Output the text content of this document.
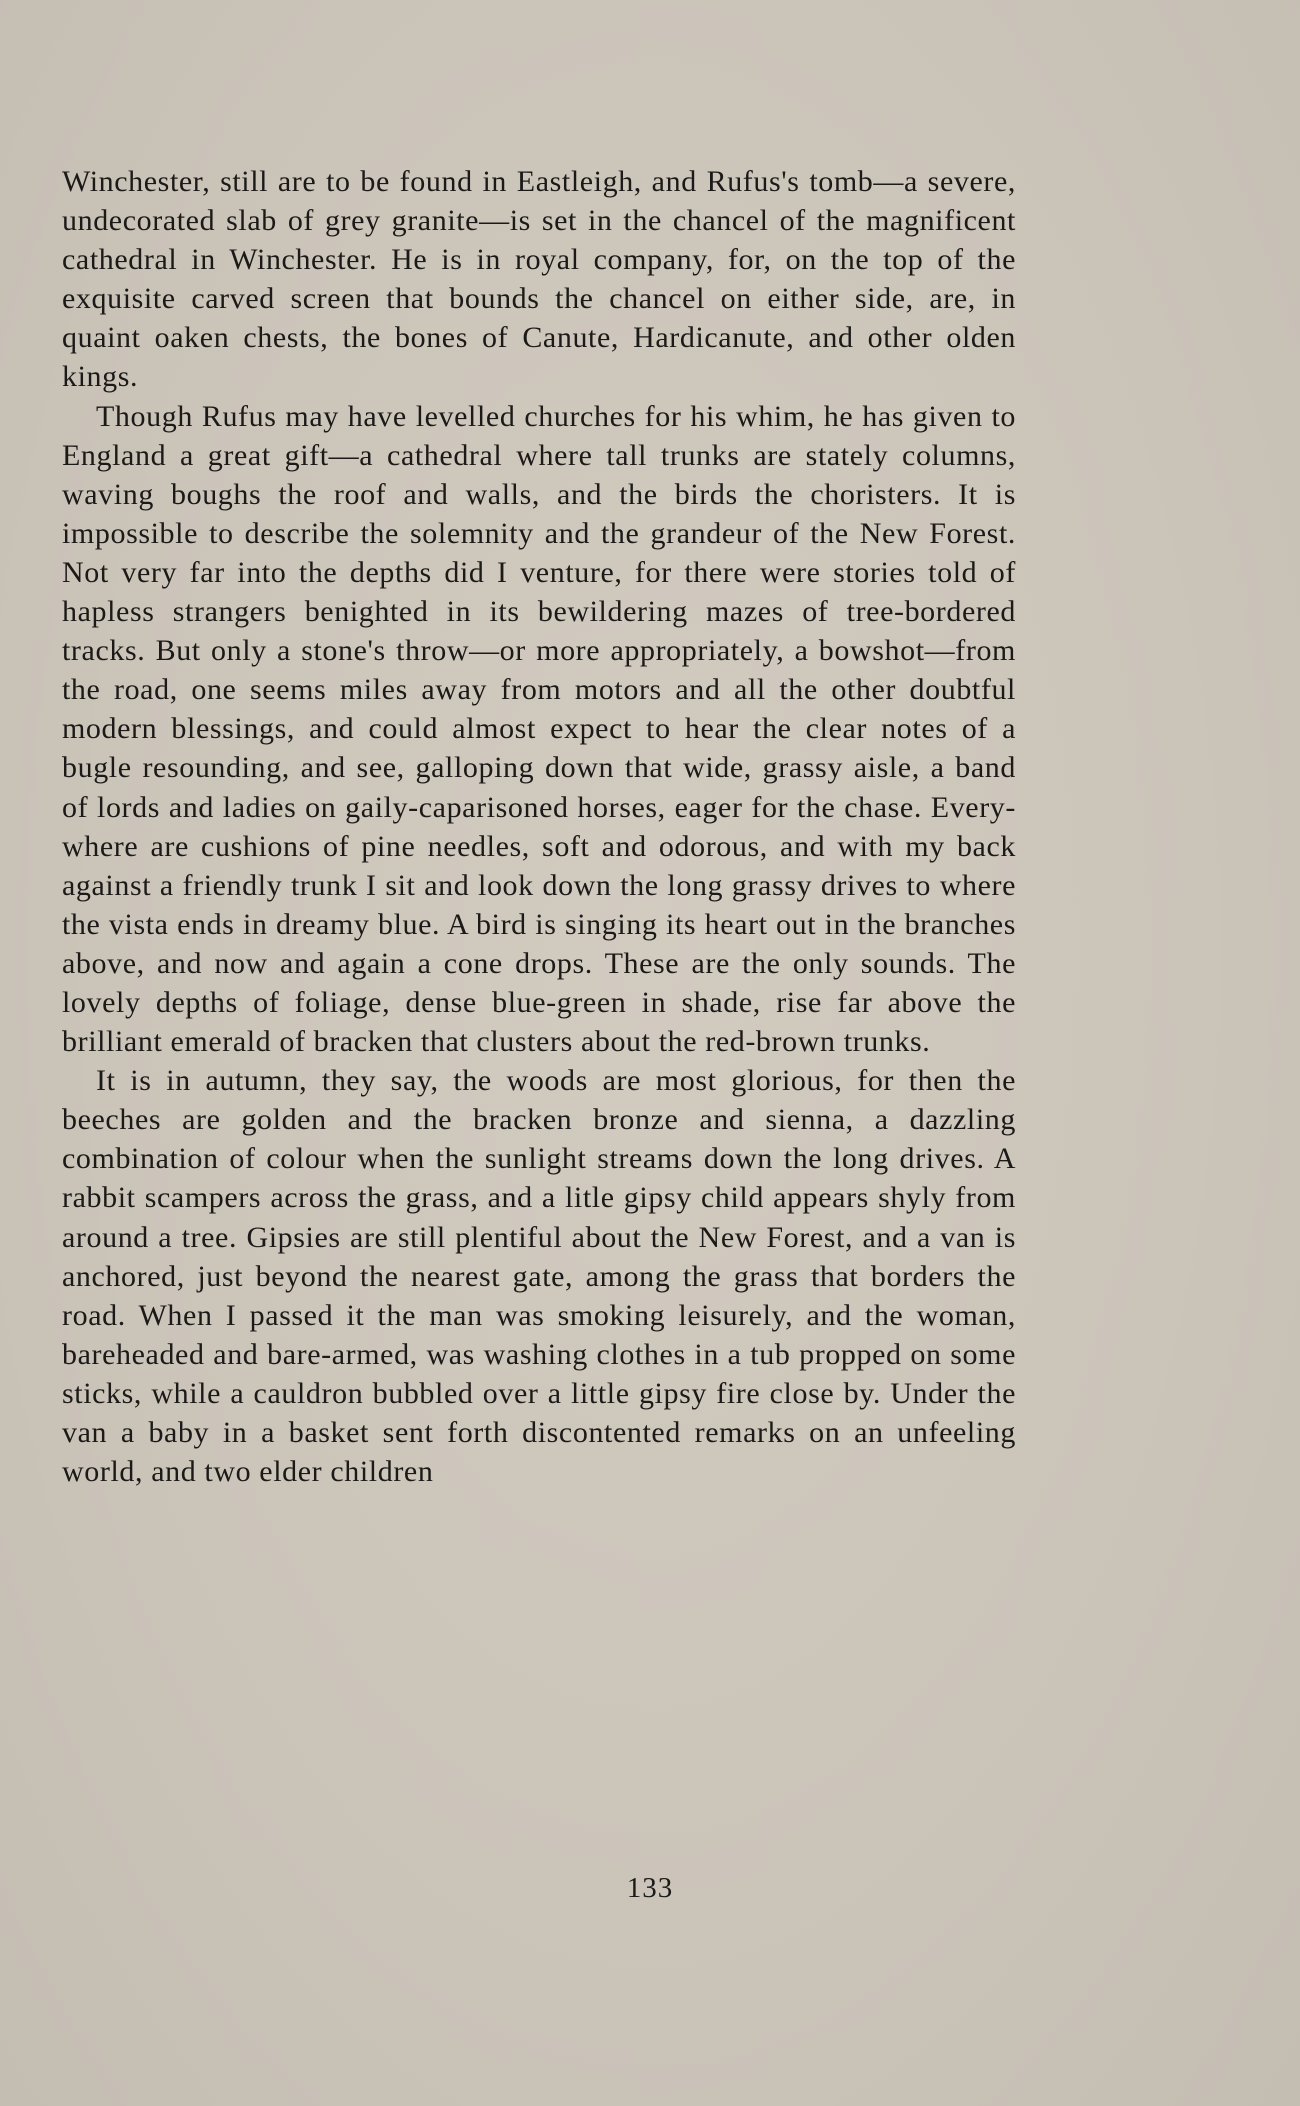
Winchester, still are to be found in Eastleigh, and Rufus's tomb—a severe, undecorated slab of grey granite—is set in the chancel of the magnificent cathedral in Winchester. He is in royal company, for, on the top of the exquisite carved screen that bounds the chancel on either side, are, in quaint oaken chests, the bones of Canute, Hardicanute, and other olden kings.

Though Rufus may have levelled churches for his whim, he has given to England a great gift—a cathedral where tall trunks are stately columns, waving boughs the roof and walls, and the birds the choristers. It is impossible to describe the solemnity and the grandeur of the New Forest. Not very far into the depths did I venture, for there were stories told of hapless strangers benighted in its bewildering mazes of tree-bordered tracks. But only a stone's throw—or more appropriately, a bowshot—from the road, one seems miles away from motors and all the other doubtful modern blessings, and could almost expect to hear the clear notes of a bugle resounding, and see, galloping down that wide, grassy aisle, a band of lords and ladies on gaily-caparisoned horses, eager for the chase. Every-where are cushions of pine needles, soft and odorous, and with my back against a friendly trunk I sit and look down the long grassy drives to where the vista ends in dreamy blue. A bird is singing its heart out in the branches above, and now and again a cone drops. These are the only sounds. The lovely depths of foliage, dense blue-green in shade, rise far above the brilliant emerald of bracken that clusters about the red-brown trunks.

It is in autumn, they say, the woods are most glorious, for then the beeches are golden and the bracken bronze and sienna, a dazzling combination of colour when the sunlight streams down the long drives. A rabbit scampers across the grass, and a litle gipsy child appears shyly from around a tree. Gipsies are still plentiful about the New Forest, and a van is anchored, just beyond the nearest gate, among the grass that borders the road. When I passed it the man was smoking leisurely, and the woman, bareheaded and bare-armed, was washing clothes in a tub propped on some sticks, while a cauldron bubbled over a little gipsy fire close by. Under the van a baby in a basket sent forth discontented remarks on an unfeeling world, and two elder children

133
